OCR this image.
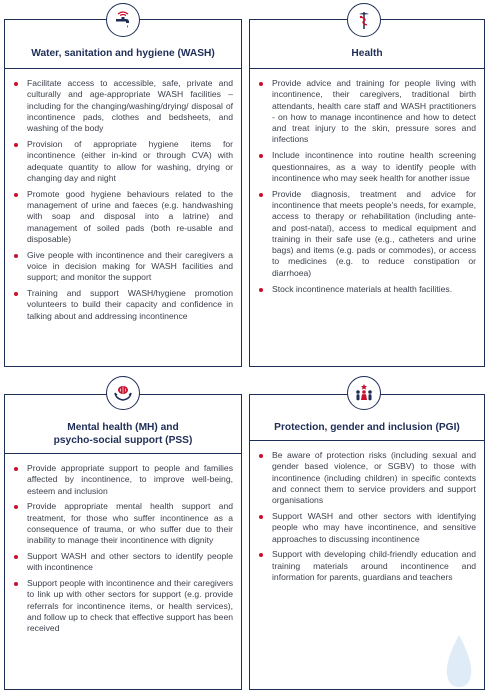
Water, sanitation and hygiene (WASH)
Facilitate access to accessible, safe, private and culturally and age-appropriate WASH facilities – including for the changing/washing/drying/ disposal of incontinence pads, clothes and bedsheets, and washing of the body
Provision of appropriate hygiene items for incontinence (either in-kind or through CVA) with adequate quantity to allow for washing, drying or changing day and night
Promote good hygiene behaviours related to the management of urine and faeces (e.g. handwashing with soap and disposal into a latrine) and management of soiled pads (both re-usable and disposable)
Give people with incontinence and their caregivers a voice in decision making for WASH facilities and support; and monitor the support
Training and support WASH/hygiene promotion volunteers to build their capacity and confidence in talking about and addressing incontinence
Health
Provide advice and training for people living with incontinence, their caregivers, traditional birth attendants, health care staff and WASH practitioners - on how to manage incontinence and how to detect and treat injury to the skin, pressure sores and infections
Include incontinence into routine health screening questionnaires, as a way to identify people with incontinence who may seek health for another issue
Provide diagnosis, treatment and advice for incontinence that meets people's needs, for example, access to therapy or rehabilitation (including ante- and post-natal), access to medical equipment and training in their safe use (e.g., catheters and urine bags) and items (e.g. pads or commodes), or access to medicines (e.g. to reduce constipation or diarrhoea)
Stock incontinence materials at health facilities.
Mental health (MH) and
psycho-social support (PSS)
Provide appropriate support to people and families affected by incontinence, to improve well-being, esteem and inclusion
Provide appropriate mental health support and treatment, for those who suffer incontinence as a consequence of trauma, or who suffer due to their inability to manage their incontinence with dignity
Support WASH and other sectors to identify people with incontinence
Support people with incontinence and their caregivers to link up with other sectors for support (e.g. provide referrals for incontinence items, or health services), and follow up to check that effective support has been received
Protection, gender and inclusion (PGI)
Be aware of protection risks (including sexual and gender based violence, or SGBV) to those with incontinence (including children) in specific contexts and connect them to service providers and support organisations
Support WASH and other sectors with identifying people who may have incontinence, and sensitive approaches to discussing incontinence
Support with developing child-friendly education and training materials around incontinence and information for parents, guardians and teachers
